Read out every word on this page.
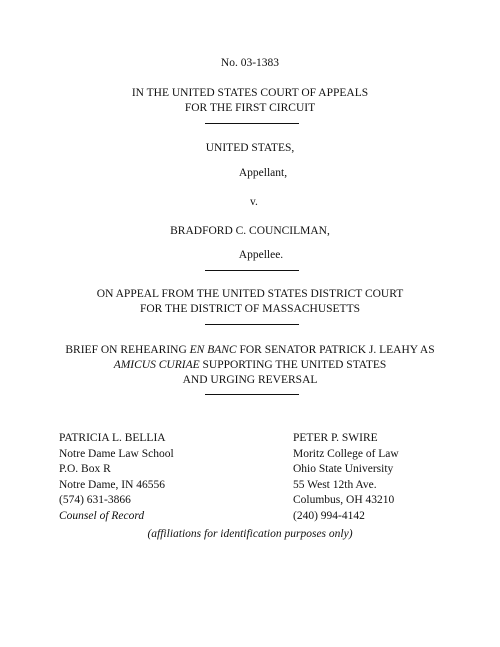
No. 03-1383
IN THE UNITED STATES COURT OF APPEALS
FOR THE FIRST CIRCUIT
UNITED STATES,
Appellant,
v.
BRADFORD C. COUNCILMAN,
Appellee.
ON APPEAL FROM THE UNITED STATES DISTRICT COURT
FOR THE DISTRICT OF MASSACHUSETTS
BRIEF ON REHEARING EN BANC FOR SENATOR PATRICK J. LEAHY AS
AMICUS CURIAE SUPPORTING THE UNITED STATES
AND URGING REVERSAL
PATRICIA L. BELLIA
Notre Dame Law School
P.O. Box R
Notre Dame, IN 46556
(574) 631-3866
Counsel of Record
PETER P. SWIRE
Moritz College of Law
Ohio State University
55 West 12th Ave.
Columbus, OH 43210
(240) 994-4142
(affiliations for identification purposes only)
